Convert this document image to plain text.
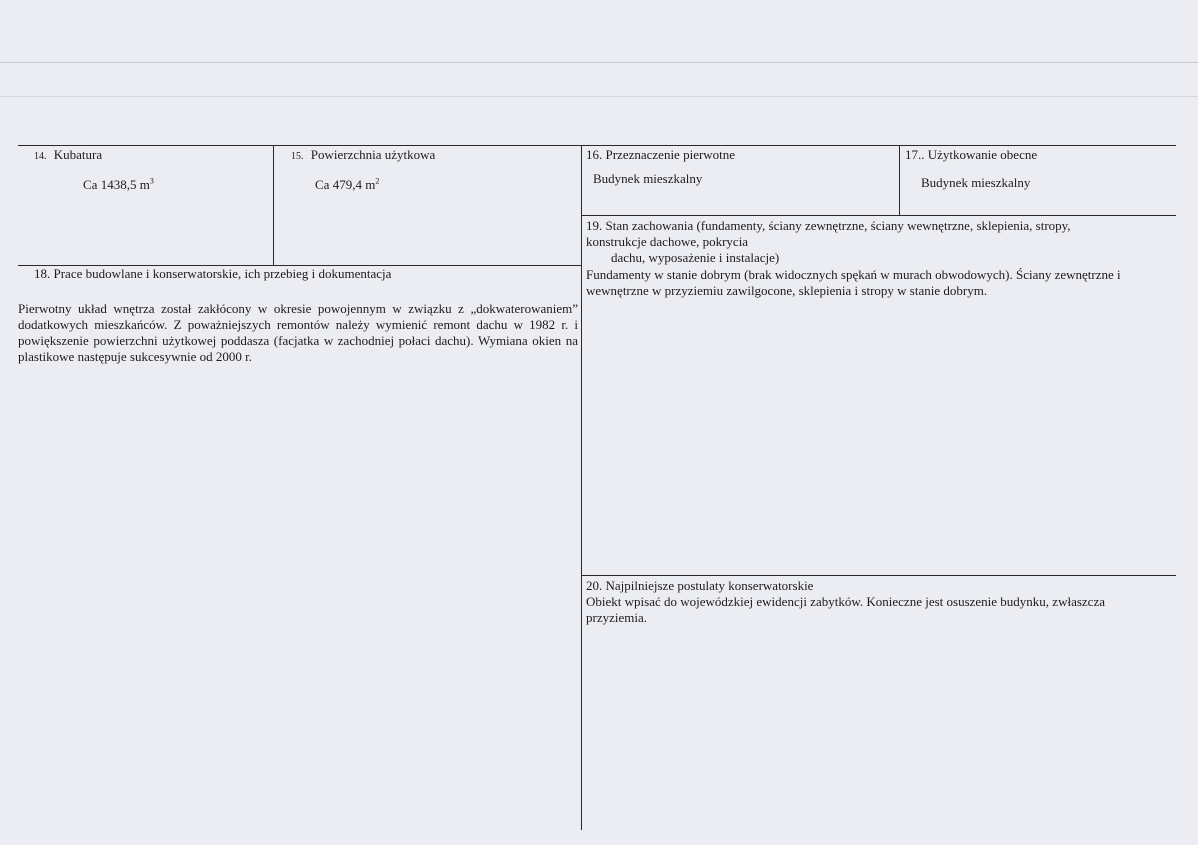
14. Kubatura
Ca 1438,5 $m^3$
15. Powierzchnia użytkowa
Ca 479,4 $m^2$
16. Przeznaczenie pierwotne
Budynek mieszkalny
17.. Użytkowanie obecne
Budynek mieszkalny
19. Stan zachowania (fundamenty, ściany zewnętrzne, ściany wewnętrzne, sklepienia, stropy,
konstrukcje dachowe, pokrycia
dachu, wyposażenie i instalacje)
Fundamenty w stanie dobrym (brak widocznych spękań w murach obwodowych). Ściany zewnętrzne i wewnętrzne w przyziemiu zawilgocone, sklepienia i stropy w stanie dobrym.
18. Prace budowlane i konserwatorskie, ich przebieg i dokumentacja
Pierwotny układ wnętrza został zakłócony w okresie powojennym w związku z „dokwaterowaniem” dodatkowych mieszkańców. Z poważniejszych remontów należy wymienić remont dachu w 1982 r. i powiększenie powierzchni użytkowej poddasza (facjatka w zachodniej połaci dachu). Wymiana okien na plastikowe następuje sukcesywnie od 2000 r.
20. Najpilniejsze postulaty konserwatorskie
Obiekt wpisać do wojewódzkiej ewidencji zabytków. Konieczne jest osuszenie budynku, zwłaszcza przyziemia.
